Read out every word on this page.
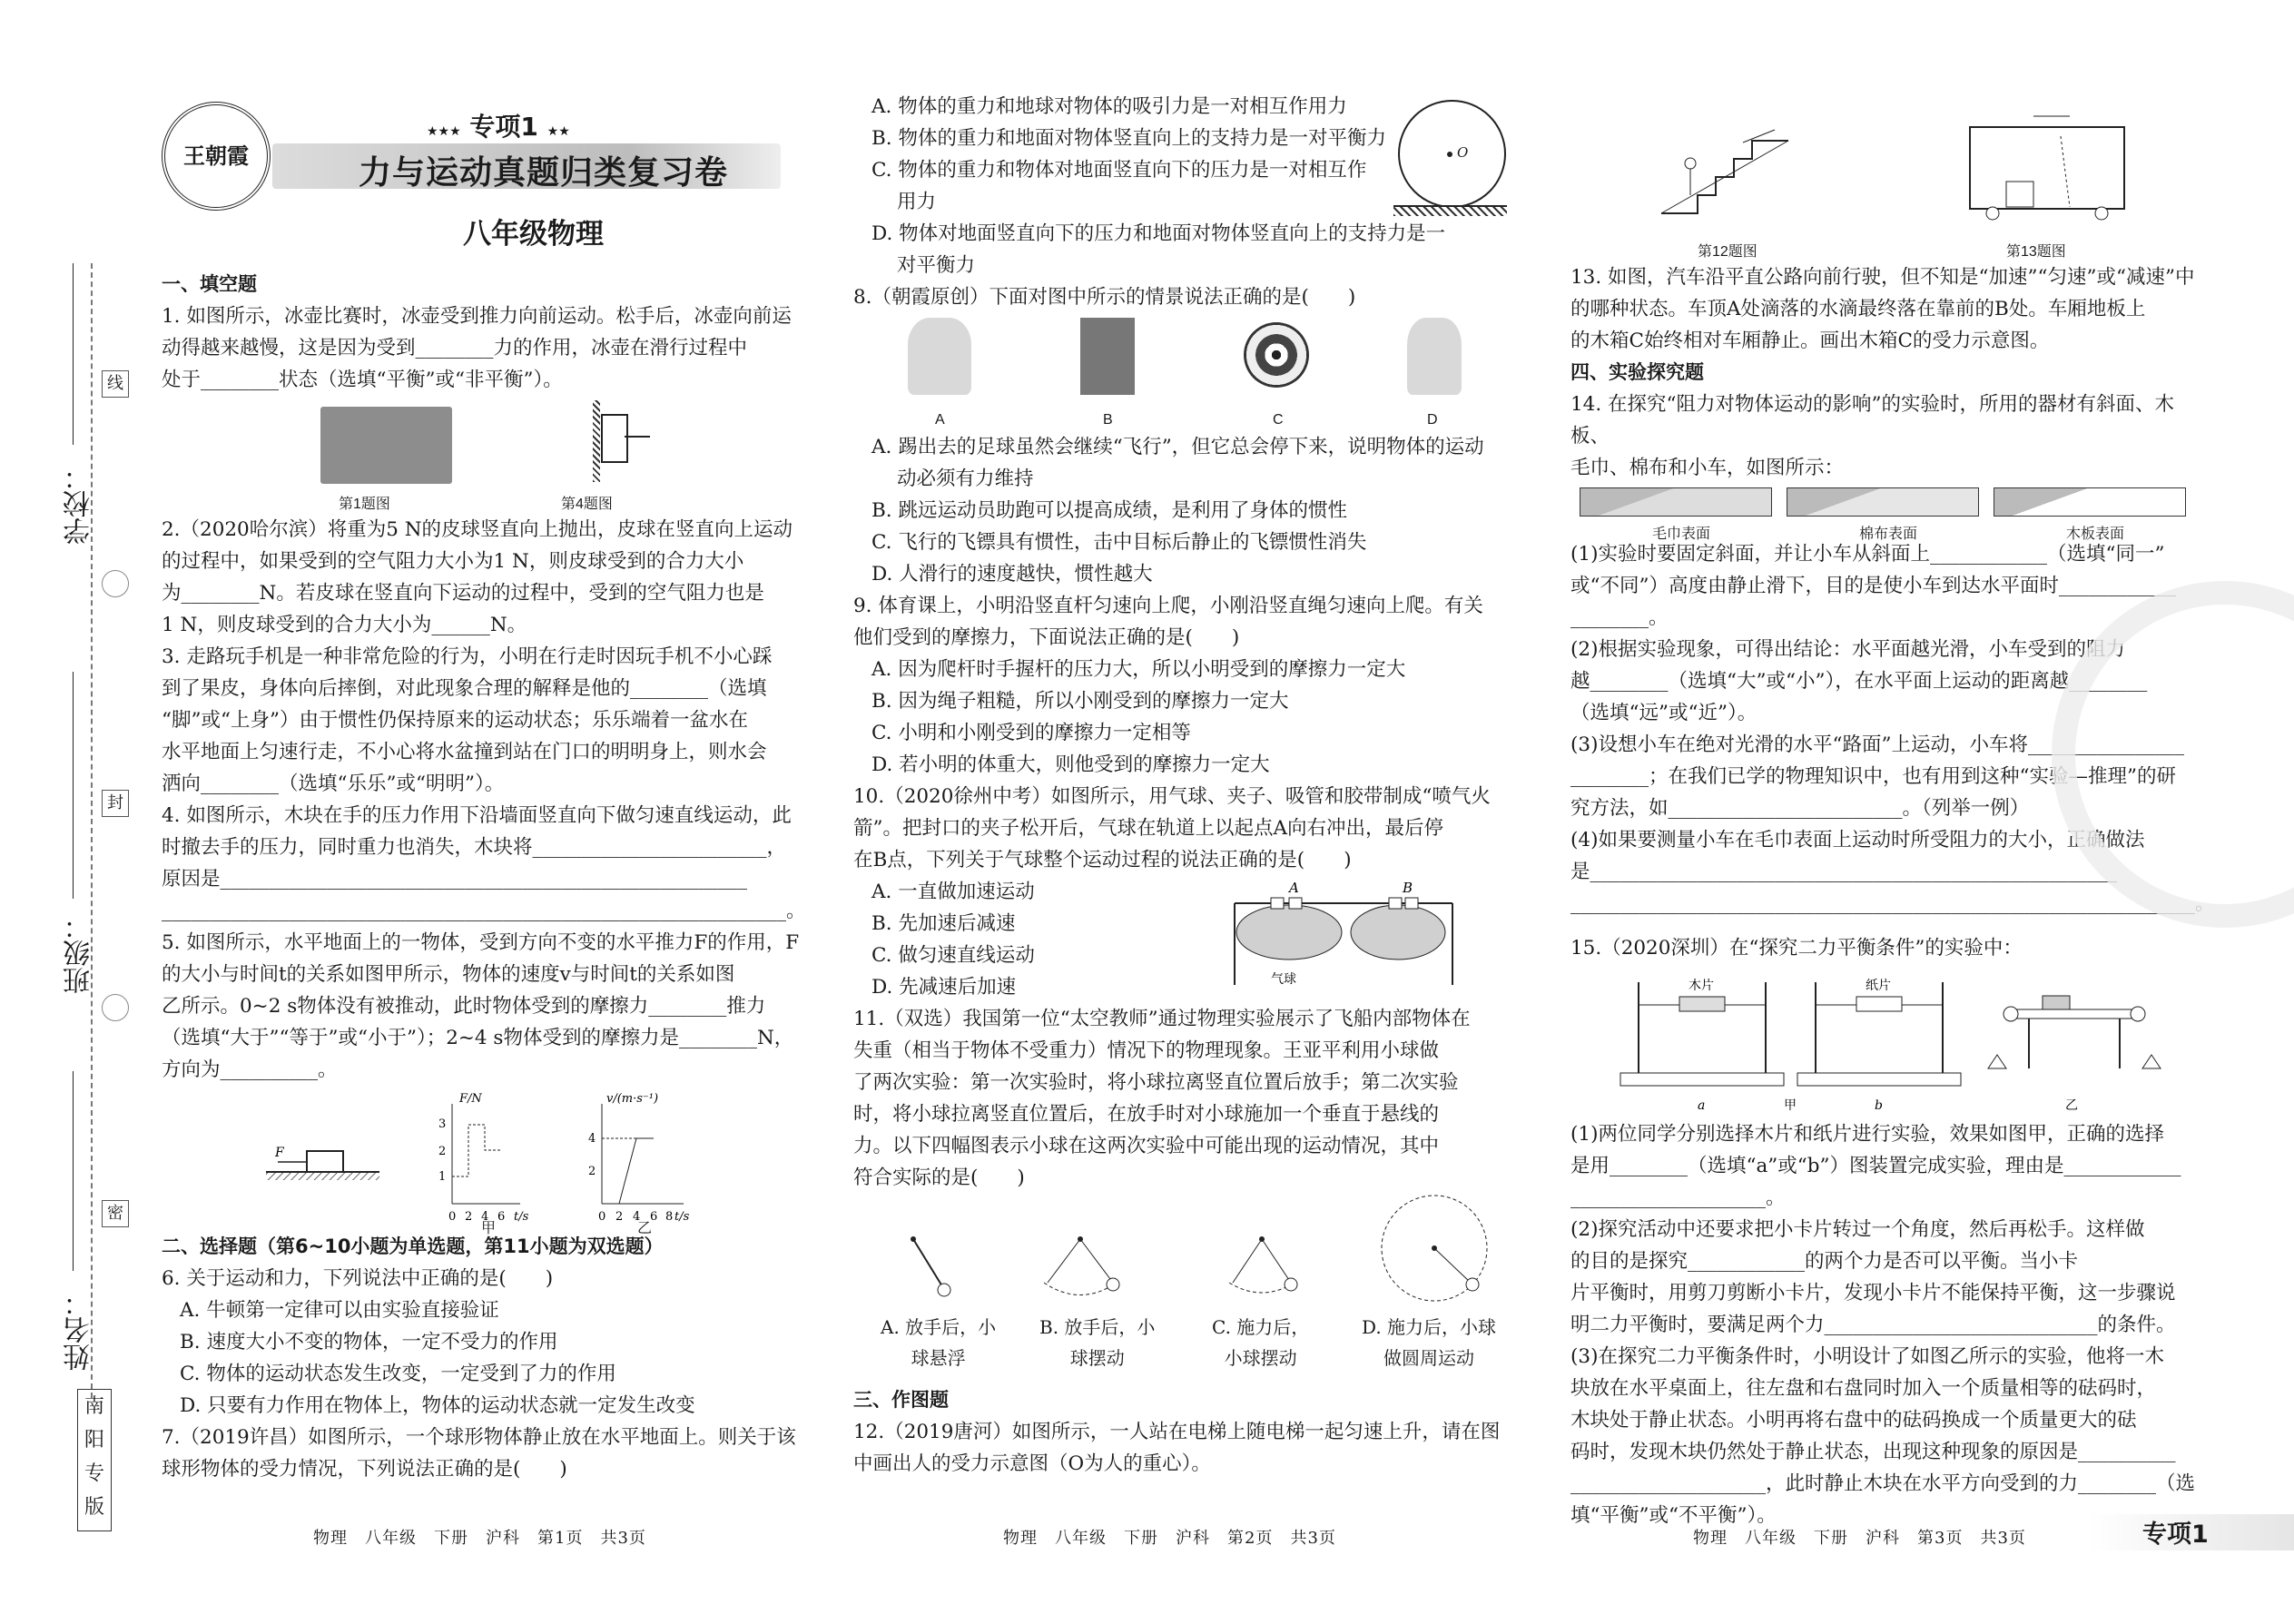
学校：
线
班级：
封
姓名：
密
南
阳
专
版
王朝霞
★★★ 专项1 ★★
力与运动真题归类复习卷
八年级物理

一、填空题

1. 如图所示，冰壶比赛时，冰壶受到推力向前运动。松手后，冰壶向前运

动得越来越慢，这是因为受到________力的作用，冰壶在滑行过程中

处于________状态（选填“平衡”或“非平衡”）。

第1题图	第4题图

2.（2020哈尔滨）将重为5 N的皮球竖直向上抛出，皮球在竖直向上运动

的过程中，如果受到的空气阻力大小为1 N，则皮球受到的合力大小

为________N。若皮球在竖直向下运动的过程中，受到的空气阻力也是

1 N，则皮球受到的合力大小为______N。

3. 走路玩手机是一种非常危险的行为，小明在行走时因玩手机不小心踩

到了果皮，身体向后摔倒，对此现象合理的解释是他的________（选填

“脚”或“上身”）由于惯性仍保持原来的运动状态；乐乐端着一盆水在

水平地面上匀速行走，不小心将水盆撞到站在门口的明明身上，则水会

洒向________（选填“乐乐”或“明明”）。

4. 如图所示，木块在手的压力作用下沿墙面竖直向下做匀速直线运动，此

时撤去手的压力，同时重力也消失，木块将________________________，

原因是______________________________________________________

________________________________________________________________。

5. 如图所示，水平地面上的一物体，受到方向不变的水平推力F的作用，F

的大小与时间t的关系如图甲所示，物体的速度v与时间t的关系如图

乙所示。0~2 s物体没有被推动，此时物体受到的摩擦力________推力

（选填“大于”“等于”或“小于”）；2~4 s物体受到的摩擦力是________N，

方向为__________。

F
F/N
t/s
3
2
1
0 2 4 6
v/(m·s⁻¹)
t/s
4
2
0 2 4 6 8
甲	乙

二、选择题（第6~10小题为单选题，第11小题为双选题）

6. 关于运动和力，下列说法中正确的是(　　)

A. 牛顿第一定律可以由实验直接验证

B. 速度大小不变的物体，一定不受力的作用

C. 物体的运动状态发生改变，一定受到了力的作用

D. 只要有力作用在物体上，物体的运动状态就一定发生改变

7.（2019许昌）如图所示，一个球形物体静止放在水平地面上。则关于该

球形物体的受力情况，下列说法正确的是(　　)

A. 物体的重力和地球对物体的吸引力是一对相互作用力

B. 物体的重力和地面对物体竖直向上的支持力是一对平衡力

C. 物体的重力和物体对地面竖直向下的压力是一对相互作

用力

D. 物体对地面竖直向下的压力和地面对物体竖直向上的支持力是一

对平衡力

8.（朝霞原创）下面对图中所示的情景说法正确的是(　　)

A	B	C	D

A. 踢出去的足球虽然会继续“飞行”，但它总会停下来，说明物体的运动

动必须有力维持

B. 跳远运动员助跑可以提高成绩，是利用了身体的惯性

C. 飞行的飞镖具有惯性，击中目标后静止的飞镖惯性消失

D. 人滑行的速度越快，惯性越大

9. 体育课上，小明沿竖直杆匀速向上爬，小刚沿竖直绳匀速向上爬。有关

他们受到的摩擦力，下面说法正确的是(　　)

A. 因为爬杆时手握杆的压力大，所以小明受到的摩擦力一定大

B. 因为绳子粗糙，所以小刚受到的摩擦力一定大

C. 小明和小刚受到的摩擦力一定相等

D. 若小明的体重大，则他受到的摩擦力一定大

10.（2020徐州中考）如图所示，用气球、夹子、吸管和胶带制成“喷气火

箭”。把封口的夹子松开后，气球在轨道上以起点A向右冲出，最后停

在B点，下列关于气球整个运动过程的说法正确的是(　　)

A. 一直做加速运动

B. 先加速后减速

C. 做匀速直线运动

D. 先减速后加速

A	B
气球

11.（双选）我国第一位“太空教师”通过物理实验展示了飞船内部物体在

失重（相当于物体不受重力）情况下的物理现象。王亚平利用小球做

了两次实验：第一次实验时，将小球拉离竖直位置后放手；第二次实验

时，将小球拉离竖直位置后，在放手时对小球施加一个垂直于悬线的

力。以下四幅图表示小球在这两次实验中可能出现的运动情况，其中

符合实际的是(　　)

A. 放手后，小
球悬浮
B. 放手后，小
球摆动
C. 施力后，
小球摆动
D. 施力后，小球
做圆周运动

三、作图题

12.（2019唐河）如图所示，一人站在电梯上随电梯一起匀速上升，请在图

中画出人的受力示意图（O为人的重心）。

O
第12题图	第13题图

13. 如图，汽车沿平直公路向前行驶，但不知是“加速”“匀速”或“减速”中

的哪种状态。车顶A处滴落的水滴最终落在靠前的B处。车厢地板上

的木箱C始终相对车厢静止。画出木箱C的受力示意图。

四、实验探究题

14. 在探究“阻力对物体运动的影响”的实验时，所用的器材有斜面、木板、

毛巾、棉布和小车，如图所示：

毛巾表面	棉布表面	木板表面

(1)实验时要固定斜面，并让小车从斜面上____________（选填“同一”

或“不同”）高度由静止滑下，目的是使小车到达水平面时____________

________。

(2)根据实验现象，可得出结论：水平面越光滑，小车受到的阻力

越________（选填“大”或“小”），在水平面上运动的距离越________

（选填“远”或“近”）。

(3)设想小车在绝对光滑的水平“路面”上运动，小车将________________

________；在我们已学的物理知识中，也有用到这种“实验—推理”的研

究方法，如________________________。（列举一例）

(4)如果要测量小车在毛巾表面上运动时所受阻力的大小，正确做法

是______________________________________________________

________________________________________________________________。

15.（2020深圳）在“探究二力平衡条件”的实验中：

木片
a
纸片
b
甲	乙

(1)两位同学分别选择木片和纸片进行实验，效果如图甲，正确的选择

是用________（选填“a”或“b”）图装置完成实验，理由是____________

____________________。

(2)探究活动中还要求把小卡片转过一个角度，然后再松手。这样做

的目的是探究____________的两个力是否可以平衡。当小卡

片平衡时，用剪刀剪断小卡片，发现小卡片不能保持平衡，这一步骤说

明二力平衡时，要满足两个力____________________________的条件。

(3)在探究二力平衡条件时，小明设计了如图乙所示的实验，他将一木

块放在水平桌面上，往左盘和右盘同时加入一个质量相等的砝码时，

木块处于静止状态。小明再将右盘中的砝码换成一个质量更大的砝

码时，发现木块仍然处于静止状态，出现这种现象的原因是__________

____________________，此时静止木块在水平方向受到的力________（选

填“平衡”或“不平衡”）。

物理　八年级　下册　沪科　第1页　共3页	物理　八年级　下册　沪科　第2页　共3页	物理　八年级　下册　沪科　第3页　共3页	专项1
